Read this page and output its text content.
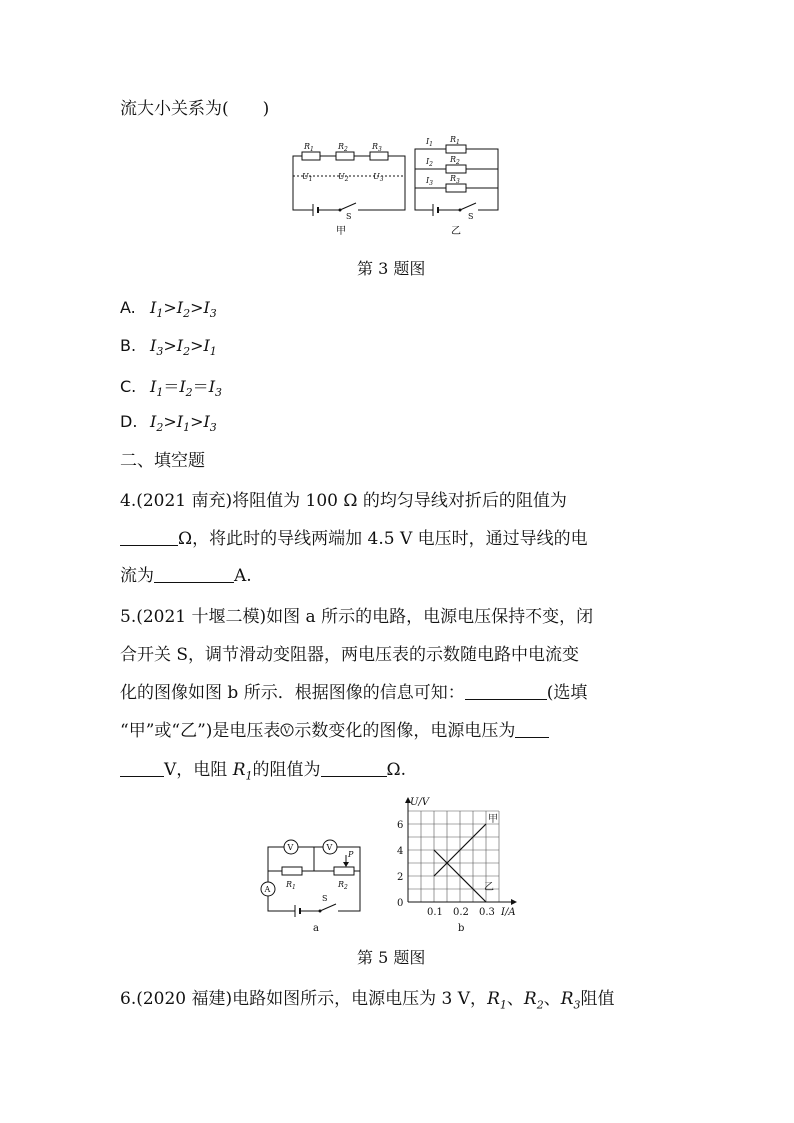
流大小关系为(　　)
$R_1$	$R_2$	$R_3$
$U_1$	$U_2$	$U_3$
S
$I_1$
$I_2$
$I_3$
$R_1$
$R_2$
$R_3$
S
甲	乙
第 3 题图
A. $I_1>I_2>I_3$
B. $I_3>I_2>I_1$
C. $I_1=I_2=I_3$
D. $I_2>I_1>I_3$
二、填空题
4.(2021 南充)将阻值为 100 Ω 的均匀导线对折后的阻值为
Ω，将此时的导线两端加 4.5 V 电压时，通过导线的电
流为	A.
5.(2021 十堰二模)如图 a 所示的电路，电源电压保持不变，闭
合开关 S，调节滑动变阻器，两电压表的示数随电路中电流变
化的图像如图 b 所示．根据图像的信息可知：	(选填
“甲”或“乙”)是电压表 V 示数变化的图像，电源电压为
V，电阻 $R_1$的阻值为	Ω.
V	V
A
P
$R_1$	$R_2$
S
a
0
2
4
6
0.1 0.2 0.3
U/V
I/A
甲
乙
b
第 5 题图
6.(2020 福建)电路如图所示，电源电压为 3 V，$R_1$、$R_2$、$R_3$阻值
